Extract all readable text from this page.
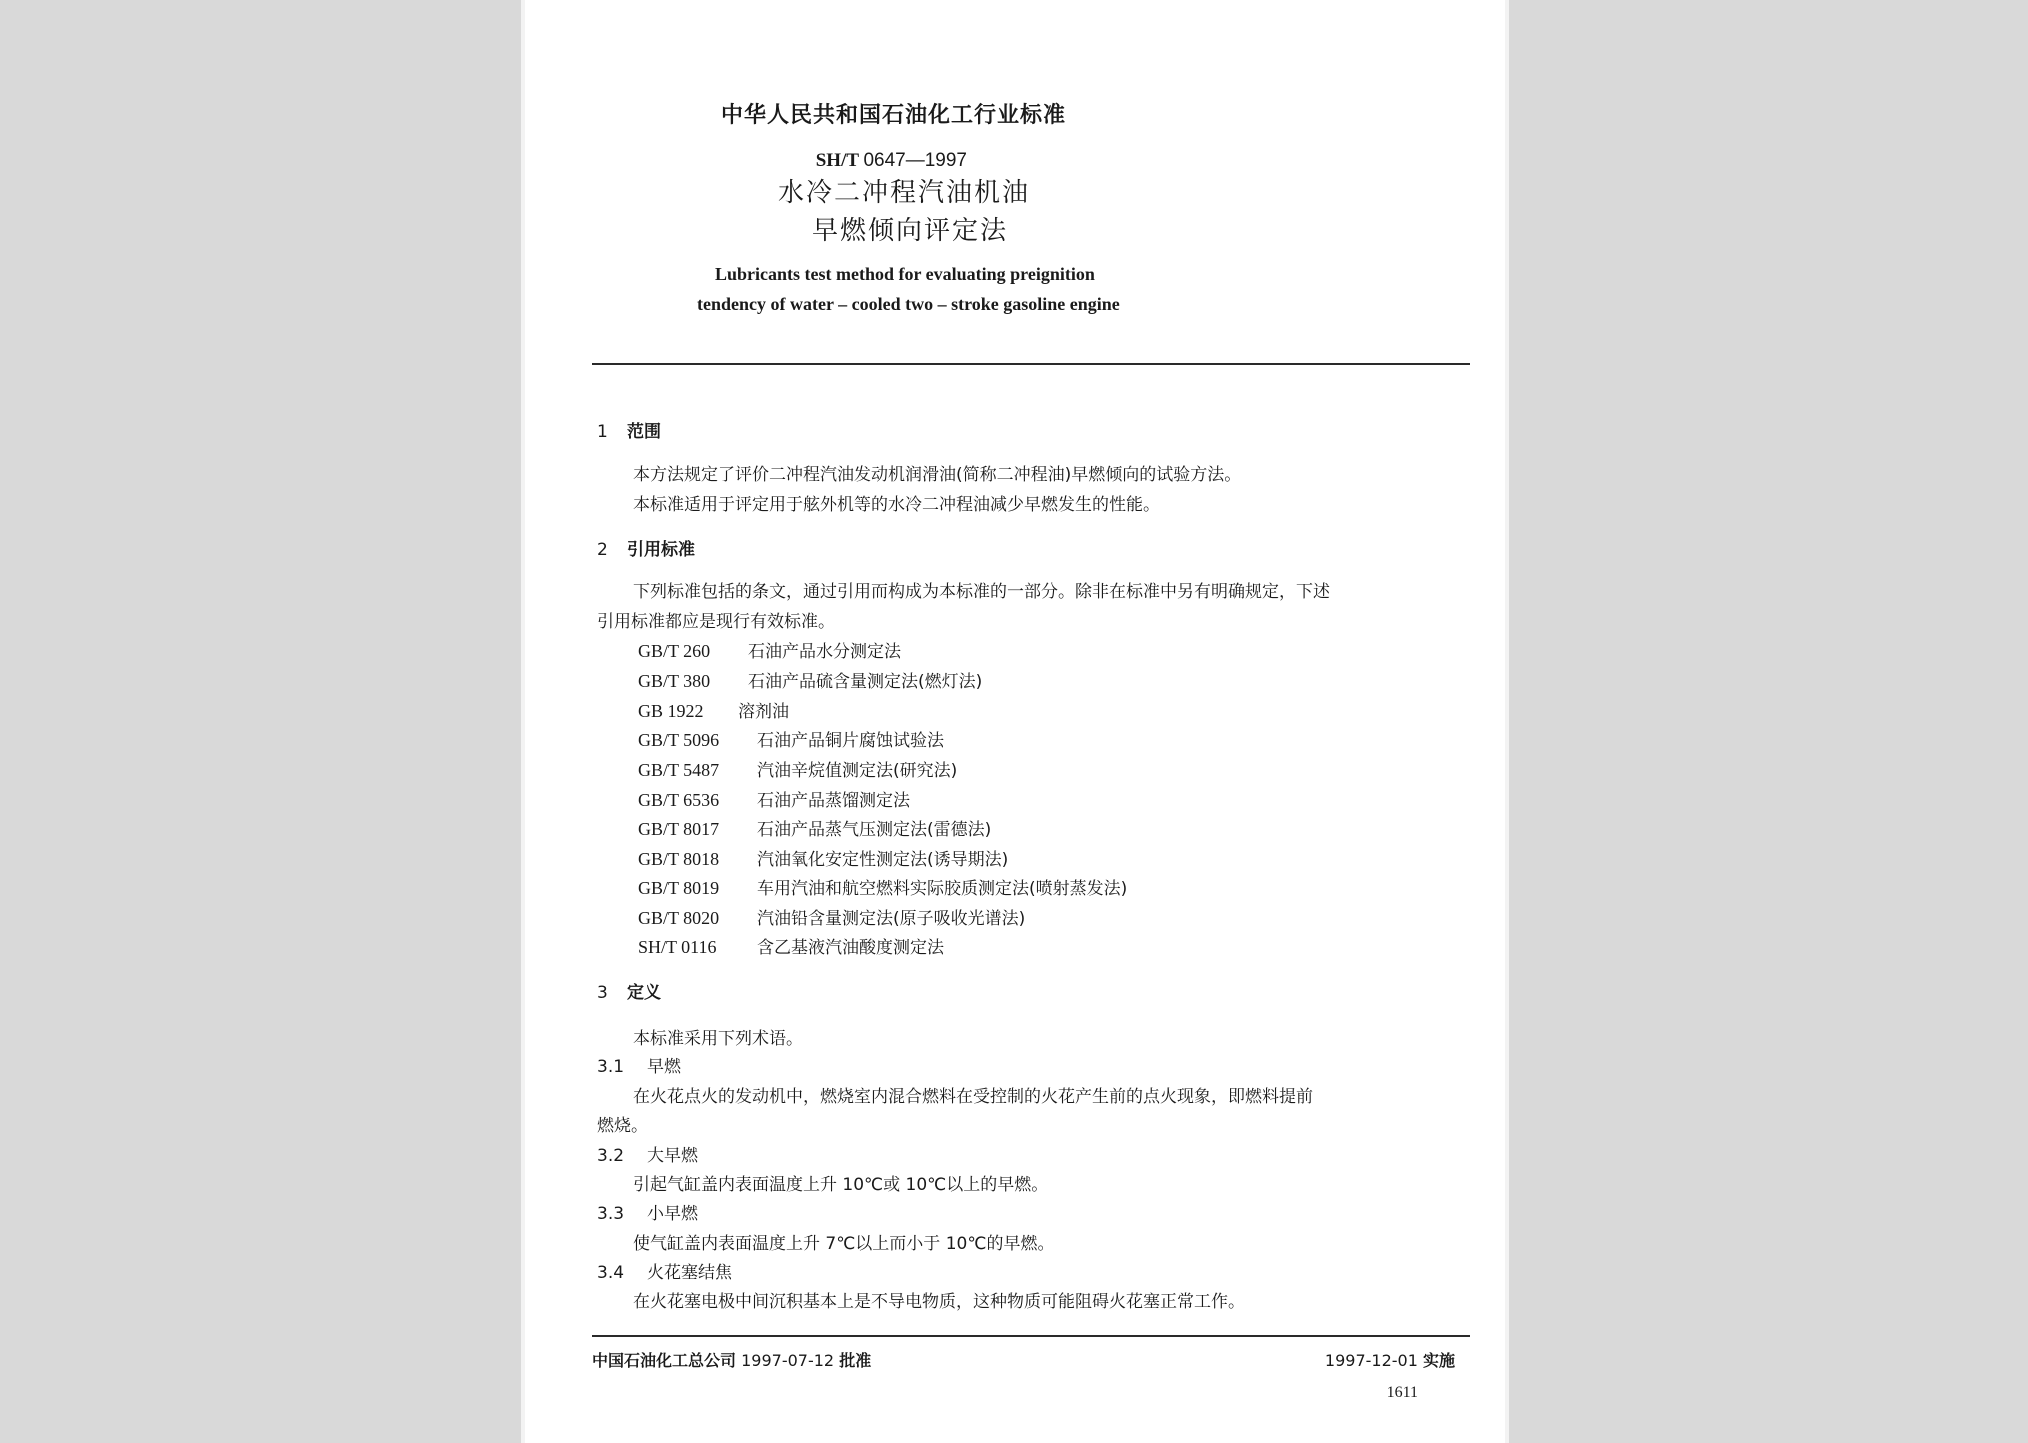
中华人民共和国石油化工行业标准
SH/T 0647—1997
水冷二冲程汽油机油
早燃倾向评定法
Lubricants test method for evaluating preignition
tendency of water – cooled two – stroke gasoline engine
1 范围
本方法规定了评价二冲程汽油发动机润滑油(简称二冲程油)早燃倾向的试验方法。
本标准适用于评定用于舷外机等的水冷二冲程油减少早燃发生的性能。
2 引用标准
下列标准包括的条文，通过引用而构成为本标准的一部分。除非在标准中另有明确规定，下述
引用标准都应是现行有效标准。
GB/T 260 石油产品水分测定法
GB/T 380 石油产品硫含量测定法(燃灯法)
GB 1922 溶剂油
GB/T 5096 石油产品铜片腐蚀试验法
GB/T 5487 汽油辛烷值测定法(研究法)
GB/T 6536 石油产品蒸馏测定法
GB/T 8017 石油产品蒸气压测定法(雷德法)
GB/T 8018 汽油氧化安定性测定法(诱导期法)
GB/T 8019 车用汽油和航空燃料实际胶质测定法(喷射蒸发法)
GB/T 8020 汽油铅含量测定法(原子吸收光谱法)
SH/T 0116 含乙基液汽油酸度测定法
3 定义
本标准采用下列术语。
3.1 早燃
在火花点火的发动机中，燃烧室内混合燃料在受控制的火花产生前的点火现象，即燃料提前
燃烧。
3.2 大早燃
引起气缸盖内表面温度上升 10℃或 10℃以上的早燃。
3.3 小早燃
使气缸盖内表面温度上升 7℃以上而小于 10℃的早燃。
3.4 火花塞结焦
在火花塞电极中间沉积基本上是不导电物质，这种物质可能阻碍火花塞正常工作。
中国石油化工总公司 1997-07-12 批准	1997-12-01 实施
1611
